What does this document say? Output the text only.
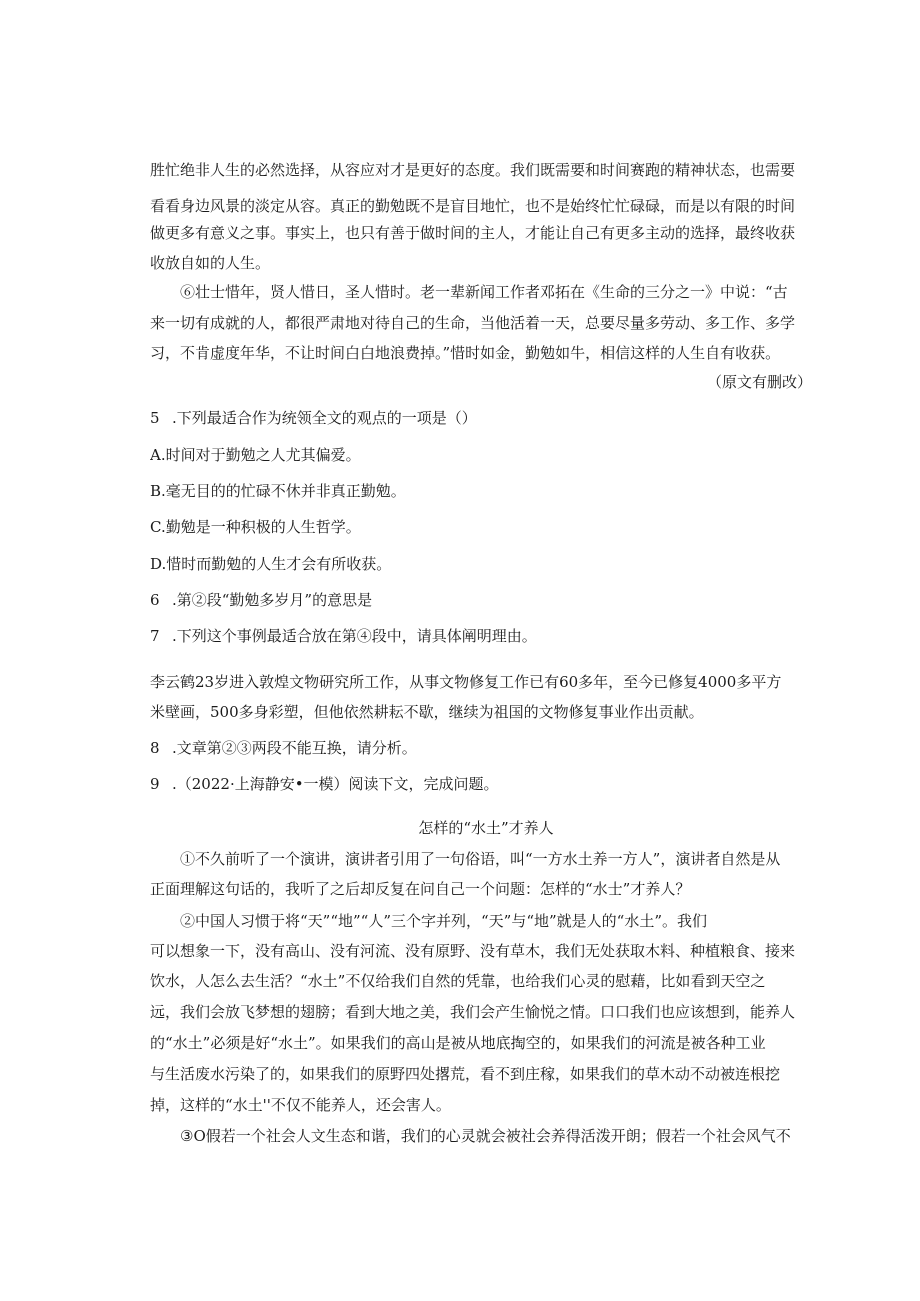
胜忙绝非人生的必然选择，从容应对才是更好的态度。我们既需要和时间赛跑的精神状态，也需要
看看身边风景的淡定从容。真正的勤勉既不是盲目地忙，也不是始终忙忙碌碌，而是以有限的时间
做更多有意义之事。事实上，也只有善于做时间的主人，才能让自己有更多主动的选择，最终收获
收放自如的人生。
⑥壮士惜年，贤人惜日，圣人惜时。老一辈新闻工作者邓拓在《生命的三分之一》中说：“古
来一切有成就的人，都很严肃地对待自己的生命，当他活着一天，总要尽量多劳动、多工作、多学
习，不肯虚度年华，不让时间白白地浪费掉。”惜时如金，勤勉如牛，相信这样的人生自有收获。
（原文有删改）
5 .下列最适合作为统领全文的观点的一项是（）
A.时间对于勤勉之人尤其偏爱。
B.毫无目的的忙碌不休并非真正勤勉。
C.勤勉是一种积极的人生哲学。
D.惜时而勤勉的人生才会有所收获。
6 .第②段“勤勉多岁月”的意思是
7 .下列这个事例最适合放在第④段中，请具体阐明理由。
李云鹤23岁进入敦煌文物研究所工作，从事文物修复工作已有60多年，至今已修复4000多平方
米壁画，500多身彩塑，但他依然耕耘不歇，继续为祖国的文物修复事业作出贡献。
8 .文章第②③两段不能互换，请分析。
9 .（2022·上海静安•一模）阅读下文，完成问题。
怎样的“水土”才养人
①不久前听了一个演讲，演讲者引用了一句俗语，叫“一方水土养一方人”，演讲者自然是从
正面理解这句话的，我听了之后却反复在问自己一个问题：怎样的“水士”才养人？
②中国人习惯于将“天”“地”“人”三个字并列，“天”与“地”就是人的“水土”。我们
可以想象一下，没有高山、没有河流、没有原野、没有草木，我们无处获取木料、种植粮食、接来
饮水，人怎么去生活？“水土”不仅给我们自然的凭靠，也给我们心灵的慰藉，比如看到天空之
远，我们会放飞梦想的翅膀；看到大地之美，我们会产生愉悦之情。口口我们也应该想到，能养人
的“水土”必须是好“水土”。如果我们的高山是被从地底掏空的，如果我们的河流是被各种工业
与生活废水污染了的，如果我们的原野四处撂荒，看不到庄稼，如果我们的草木动不动被连根挖
掉，这样的“水土''不仅不能养人，还会害人。
③O假若一个社会人文生态和谐，我们的心灵就会被社会养得活泼开朗；假若一个社会风气不
